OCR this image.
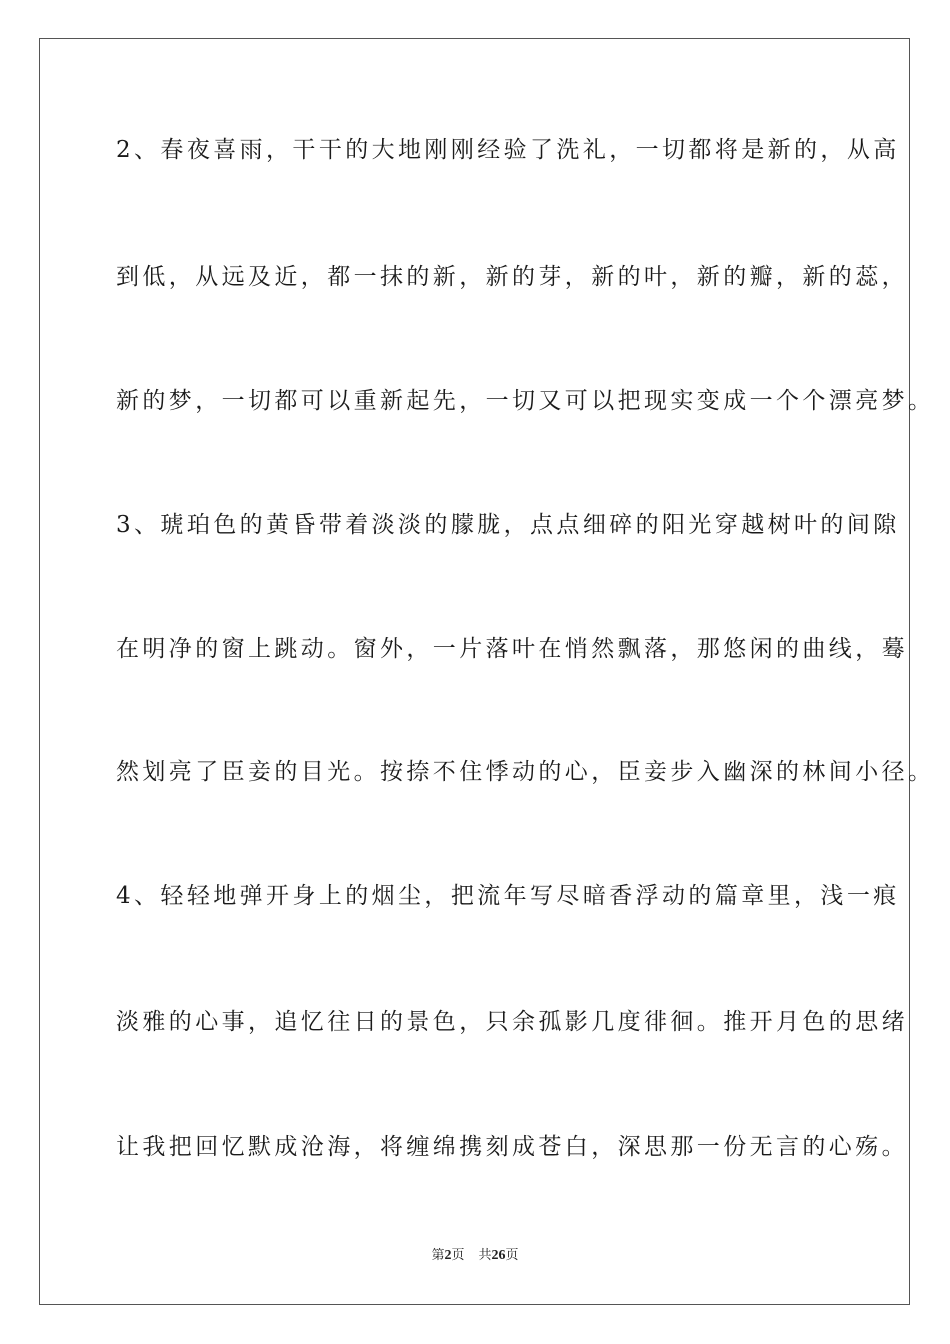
2、春夜喜雨，干干的大地刚刚经验了洗礼，一切都将是新的，从高
到低，从远及近，都一抹的新，新的芽，新的叶，新的瓣，新的蕊，
新的梦，一切都可以重新起先，一切又可以把现实变成一个个漂亮梦。
3、琥珀色的黄昏带着淡淡的朦胧，点点细碎的阳光穿越树叶的间隙
在明净的窗上跳动。窗外，一片落叶在悄然飘落，那悠闲的曲线，蓦
然划亮了臣妾的目光。按捺不住悸动的心，臣妾步入幽深的林间小径。
4、轻轻地弹开身上的烟尘，把流年写尽暗香浮动的篇章里，浅一痕
淡雅的心事，追忆往日的景色，只余孤影几度徘徊。推开月色的思绪
让我把回忆默成沧海，将缠绵携刻成苍白，深思那一份无言的心殇。
第2页 共26页
